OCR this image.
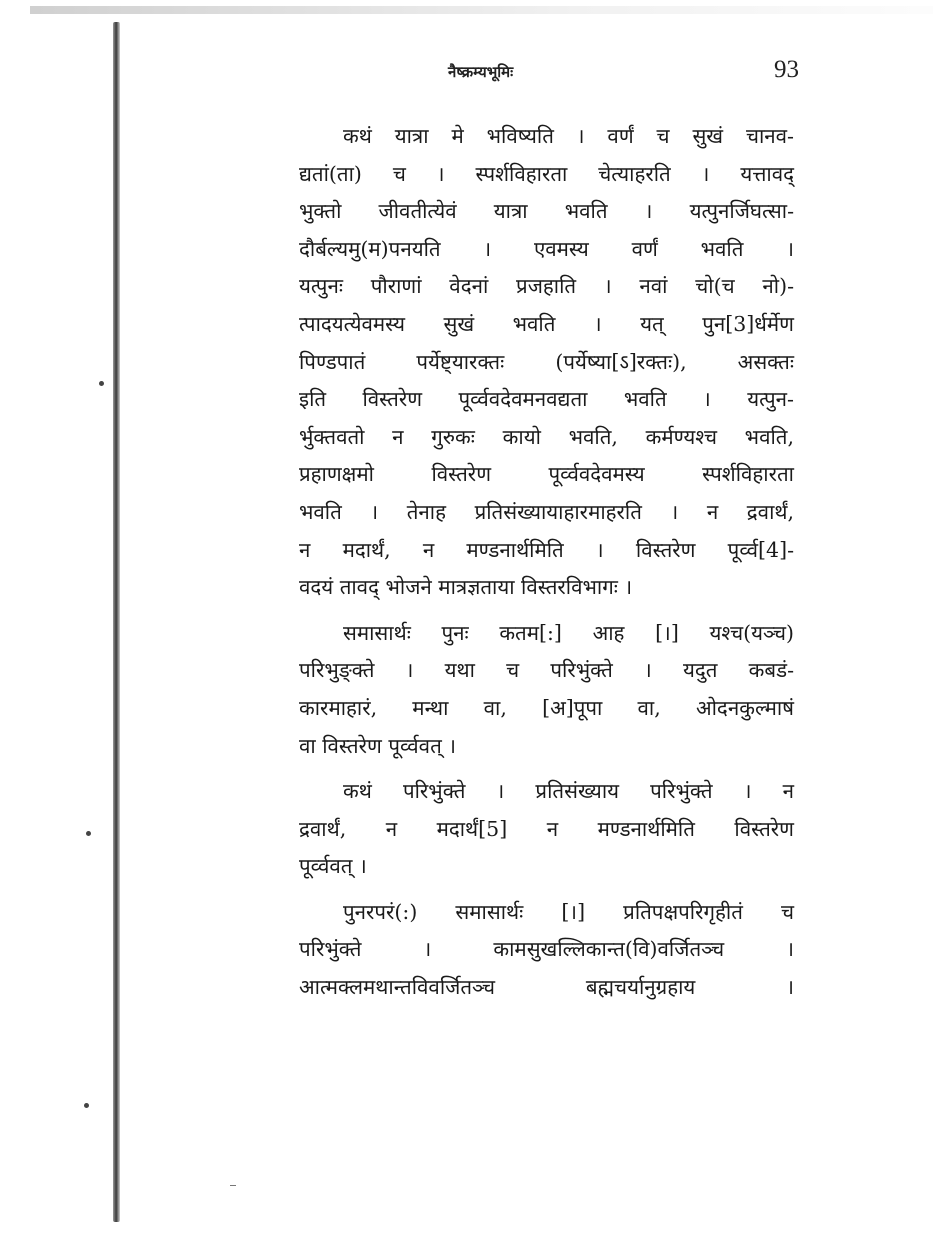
नैष्क्रम्यभूमिः	93
कथं यात्रा मे भविष्यति । वर्णं च सुखं चानव-
द्यतां(ता) च । स्पर्शविहारता चेत्याहरति । यत्तावद्
भुक्तो जीवतीत्येवं यात्रा भवति । यत्पुनर्जिघत्सा-
दौर्बल्यमु(म)पनयति । एवमस्य वर्णं भवति ।
यत्पुनः पौराणां वेदनां प्रजहाति । नवां चो(च नो)-
त्पादयत्येवमस्य सुखं भवति । यत् पुन[3]र्धर्मेण
पिण्डपातं पर्येष्ट्यारक्तः (पर्येष्या[ऽ]रक्तः), असक्तः
इति विस्तरेण पूर्व्ववदेवमनवद्यता भवति । यत्पुन-
र्भुक्तवतो न गुरुकः कायो भवति, कर्मण्यश्च भवति,
प्रहाणक्षमो विस्तरेण पूर्व्ववदेवमस्य स्पर्शविहारता
भवति । तेनाह प्रतिसंख्यायाहारमाहरति । न द्रवार्थं,
न मदार्थं, न मण्डनार्थमिति । विस्तरेण पूर्व्व[4]-
वदयं तावद् भोजने मात्रज्ञताया विस्तरविभागः ।
समासार्थः पुनः कतम[:] आह [।] यश्च(यञ्च)
परिभुङ्क्ते । यथा च परिभुंक्ते । यदुत कबडं-
कारमाहारं, मन्था वा, [अ]पूपा वा, ओदनकुल्माषं
वा विस्तरेण पूर्व्ववत् ।
कथं परिभुंक्ते । प्रतिसंख्याय परिभुंक्ते । न
द्रवार्थं, न मदार्थं[5] न मण्डनार्थमिति विस्तरेण
पूर्व्ववत् ।
पुनरपरं(:) समासार्थः [।] प्रतिपक्षपरिगृहीतं च
परिभुंक्ते । कामसुखल्लिकान्त(वि)वर्जितञ्च ।
आत्मक्लमथान्तविवर्जितञ्च बह्मचर्यानुग्रहाय ।
